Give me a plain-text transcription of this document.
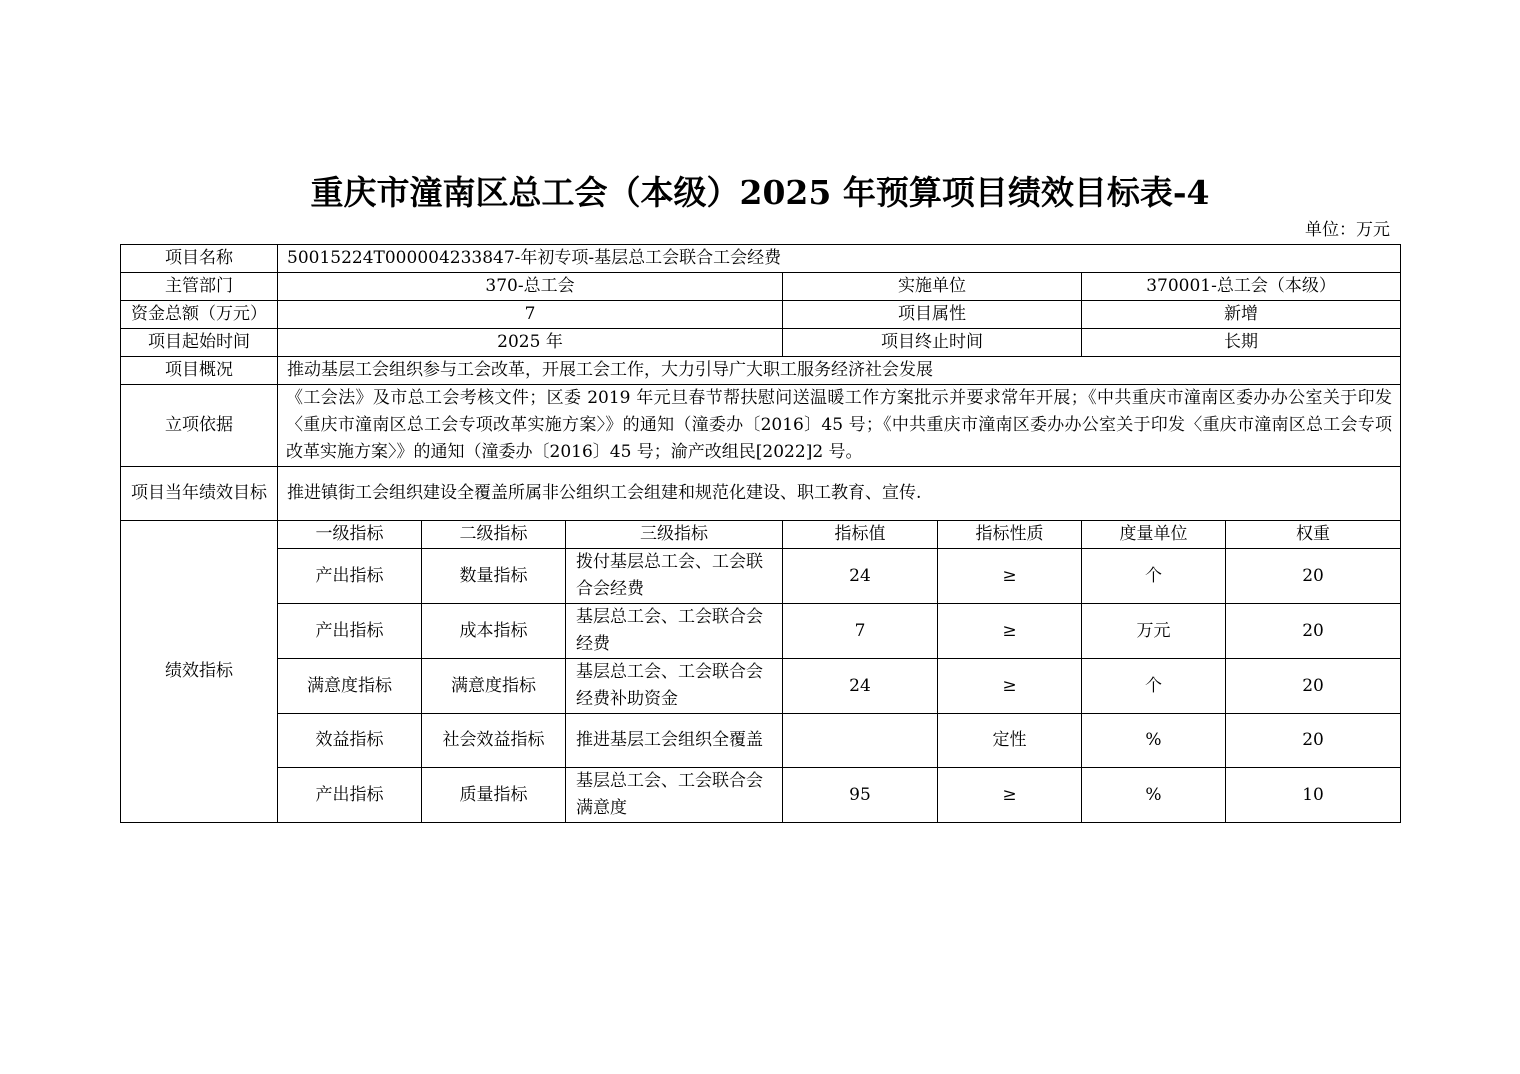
重庆市潼南区总工会（本级）2025 年预算项目绩效目标表-4
单位：万元
项目名称	50015224T000004233847-年初专项-基层总工会联合工会经费						
主管部门	370-总工会			实施单位		370001-总工会（本级）	
资金总额（万元）	7			项目属性		新增	
项目起始时间	2025 年			项目终止时间		长期	
项目概况	推动基层工会组织参与工会改革，开展工会工作，大力引导广大职工服务经济社会发展						
立项依据	《工会法》及市总工会考核文件；区委 2019 年元旦春节帮扶慰问送温暖工作方案批示并要求常年开展；《中共重庆市潼南区委办办公室关于印发〈重庆市潼南区总工会专项改革实施方案〉》的通知（潼委办〔2016〕45 号；《中共重庆市潼南区委办办公室关于印发〈重庆市潼南区总工会专项改革实施方案〉》的通知（潼委办〔2016〕45 号；渝产改组民[2022]2 号。						
项目当年绩效目标	推进镇街工会组织建设全覆盖所属非公组织工会组建和规范化建设、职工教育、宣传.						
绩效指标	一级指标	二级指标	三级指标	指标值	指标性质	度量单位	权重
	产出指标	数量指标	拨付基层总工会、工会联合会经费	24	≥	个	20
	产出指标	成本指标	基层总工会、工会联合会经费	7	≥	万元	20
	满意度指标	满意度指标	基层总工会、工会联合会经费补助资金	24	≥	个	20
	效益指标	社会效益指标	推进基层工会组织全覆盖		定性	%	20
	产出指标	质量指标	基层总工会、工会联合会满意度	95	≥	%	10
